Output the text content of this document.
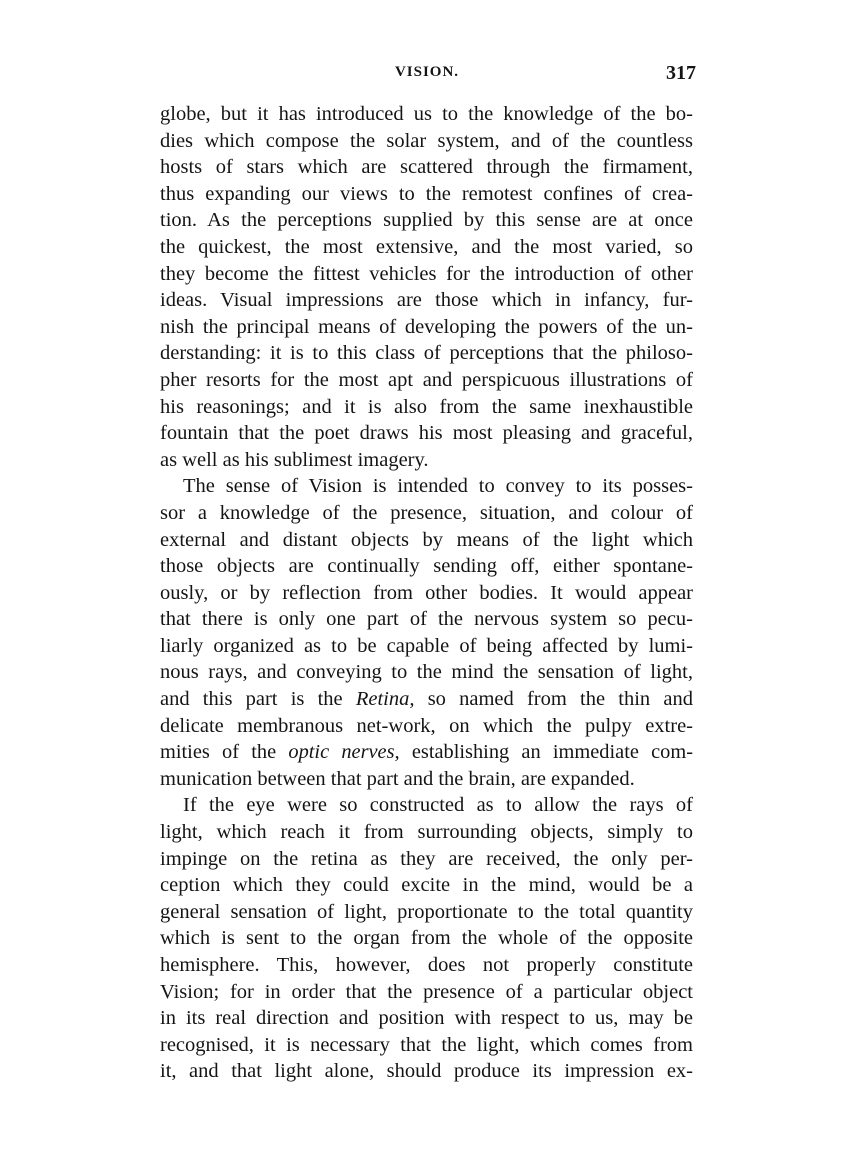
VISION.	317
globe, but it has introduced us to the knowledge of the bo-
dies which compose the solar system, and of the countless
hosts of stars which are scattered through the firmament,
thus expanding our views to the remotest confines of crea-
tion. As the perceptions supplied by this sense are at once
the quickest, the most extensive, and the most varied, so
they become the fittest vehicles for the introduction of other
ideas. Visual impressions are those which in infancy, fur-
nish the principal means of developing the powers of the un-
derstanding: it is to this class of perceptions that the philoso-
pher resorts for the most apt and perspicuous illustrations of
his reasonings; and it is also from the same inexhaustible
fountain that the poet draws his most pleasing and graceful,
as well as his sublimest imagery.
The sense of Vision is intended to convey to its posses-
sor a knowledge of the presence, situation, and colour of
external and distant objects by means of the light which
those objects are continually sending off, either spontane-
ously, or by reflection from other bodies. It would appear
that there is only one part of the nervous system so pecu-
liarly organized as to be capable of being affected by lumi-
nous rays, and conveying to the mind the sensation of light,
and this part is the Retina, so named from the thin and
delicate membranous net-work, on which the pulpy extre-
mities of the optic nerves, establishing an immediate com-
munication between that part and the brain, are expanded.
If the eye were so constructed as to allow the rays of
light, which reach it from surrounding objects, simply to
impinge on the retina as they are received, the only per-
ception which they could excite in the mind, would be a
general sensation of light, proportionate to the total quantity
which is sent to the organ from the whole of the opposite
hemisphere. This, however, does not properly constitute
Vision; for in order that the presence of a particular object
in its real direction and position with respect to us, may be
recognised, it is necessary that the light, which comes from
it, and that light alone, should produce its impression ex-
